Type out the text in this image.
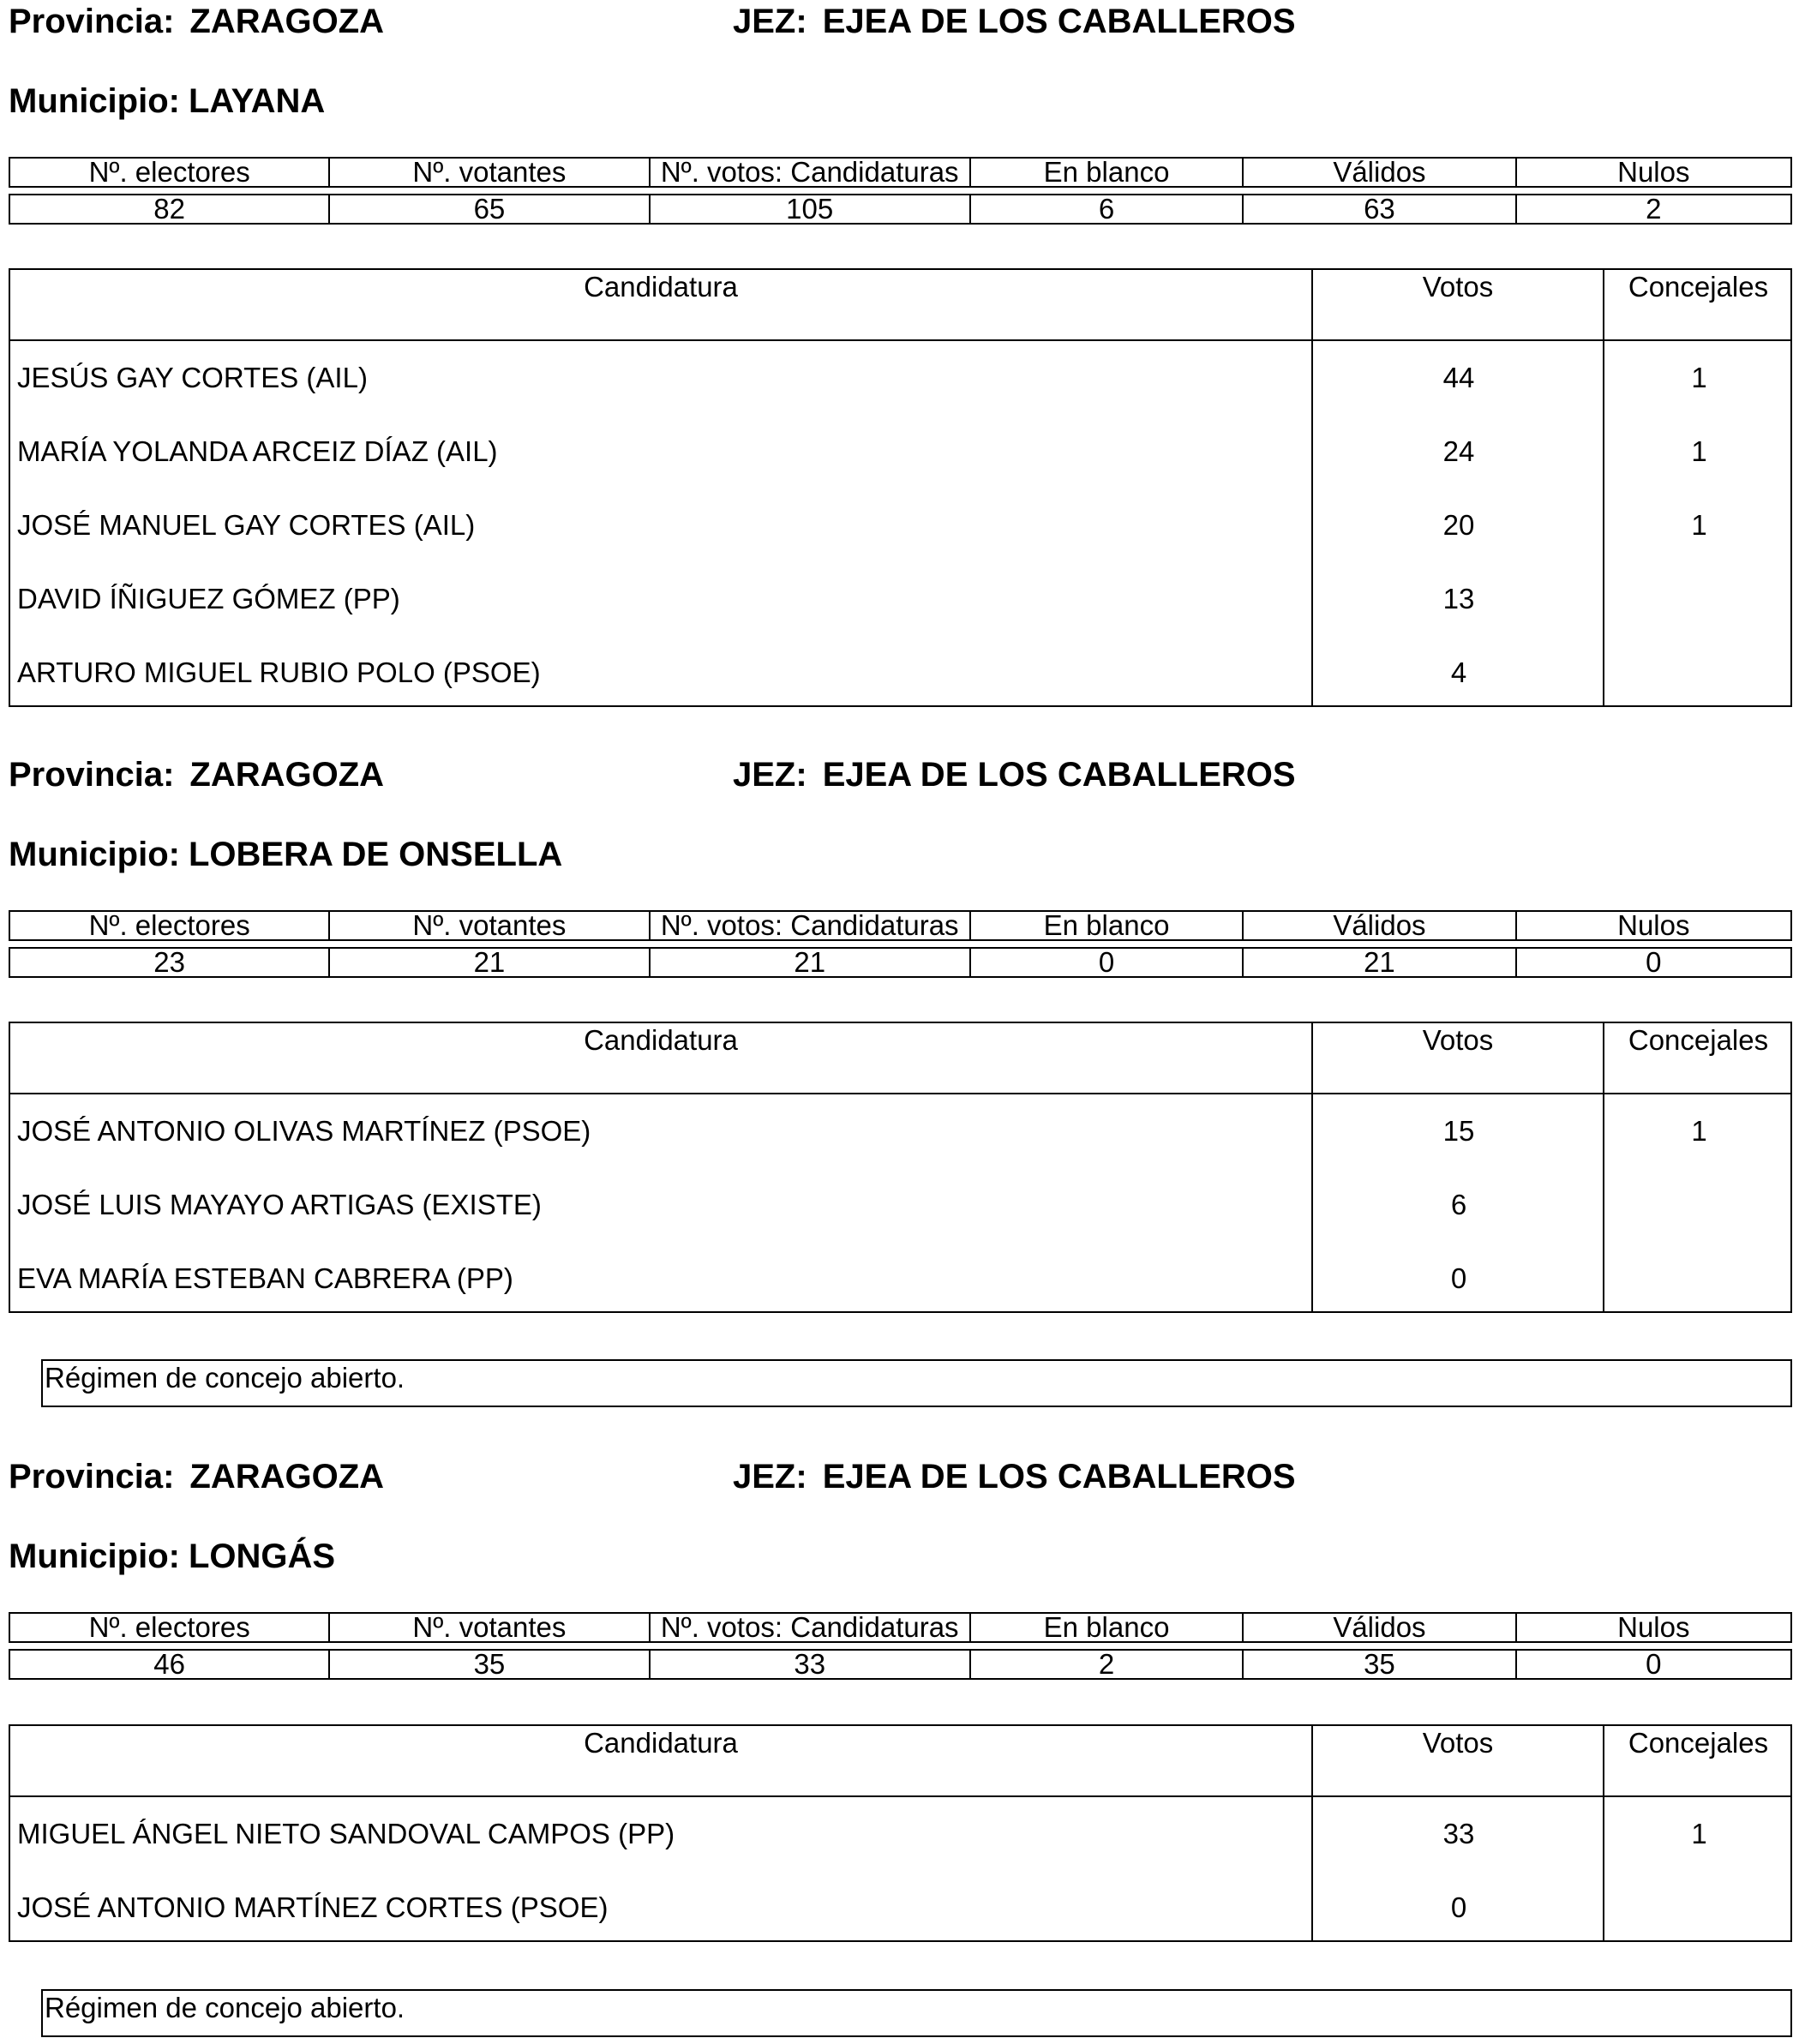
Provincia: ZARAGOZA	JEZ: EJEA DE LOS CABALLEROS
Municipio: LAYANA
Nº. electores	Nº. votantes	Nº. votos: Candidaturas	En blanco	Válidos	Nulos
82	65	105	6	63	2
Candidatura	Votos	Concejales
JESÚS GAY CORTES (AIL)	44	1
MARÍA YOLANDA ARCEIZ DÍAZ (AIL)	24	1
JOSÉ MANUEL GAY CORTES (AIL)	20	1
DAVID ÍÑIGUEZ GÓMEZ (PP)	13
ARTURO MIGUEL RUBIO POLO (PSOE)	4
Provincia: ZARAGOZA	JEZ: EJEA DE LOS CABALLEROS
Municipio: LOBERA DE ONSELLA
Nº. electores	Nº. votantes	Nº. votos: Candidaturas	En blanco	Válidos	Nulos
23	21	21	0	21	0
Candidatura	Votos	Concejales
JOSÉ ANTONIO OLIVAS MARTÍNEZ (PSOE)	15	1
JOSÉ LUIS MAYAYO ARTIGAS (EXISTE)	6
EVA MARÍA ESTEBAN CABRERA (PP)	0
Régimen de concejo abierto.
Provincia: ZARAGOZA	JEZ: EJEA DE LOS CABALLEROS
Municipio: LONGÁS
Nº. electores	Nº. votantes	Nº. votos: Candidaturas	En blanco	Válidos	Nulos
46	35	33	2	35	0
Candidatura	Votos	Concejales
MIGUEL ÁNGEL NIETO SANDOVAL CAMPOS (PP)	33	1
JOSÉ ANTONIO MARTÍNEZ CORTES (PSOE)	0
Régimen de concejo abierto.
